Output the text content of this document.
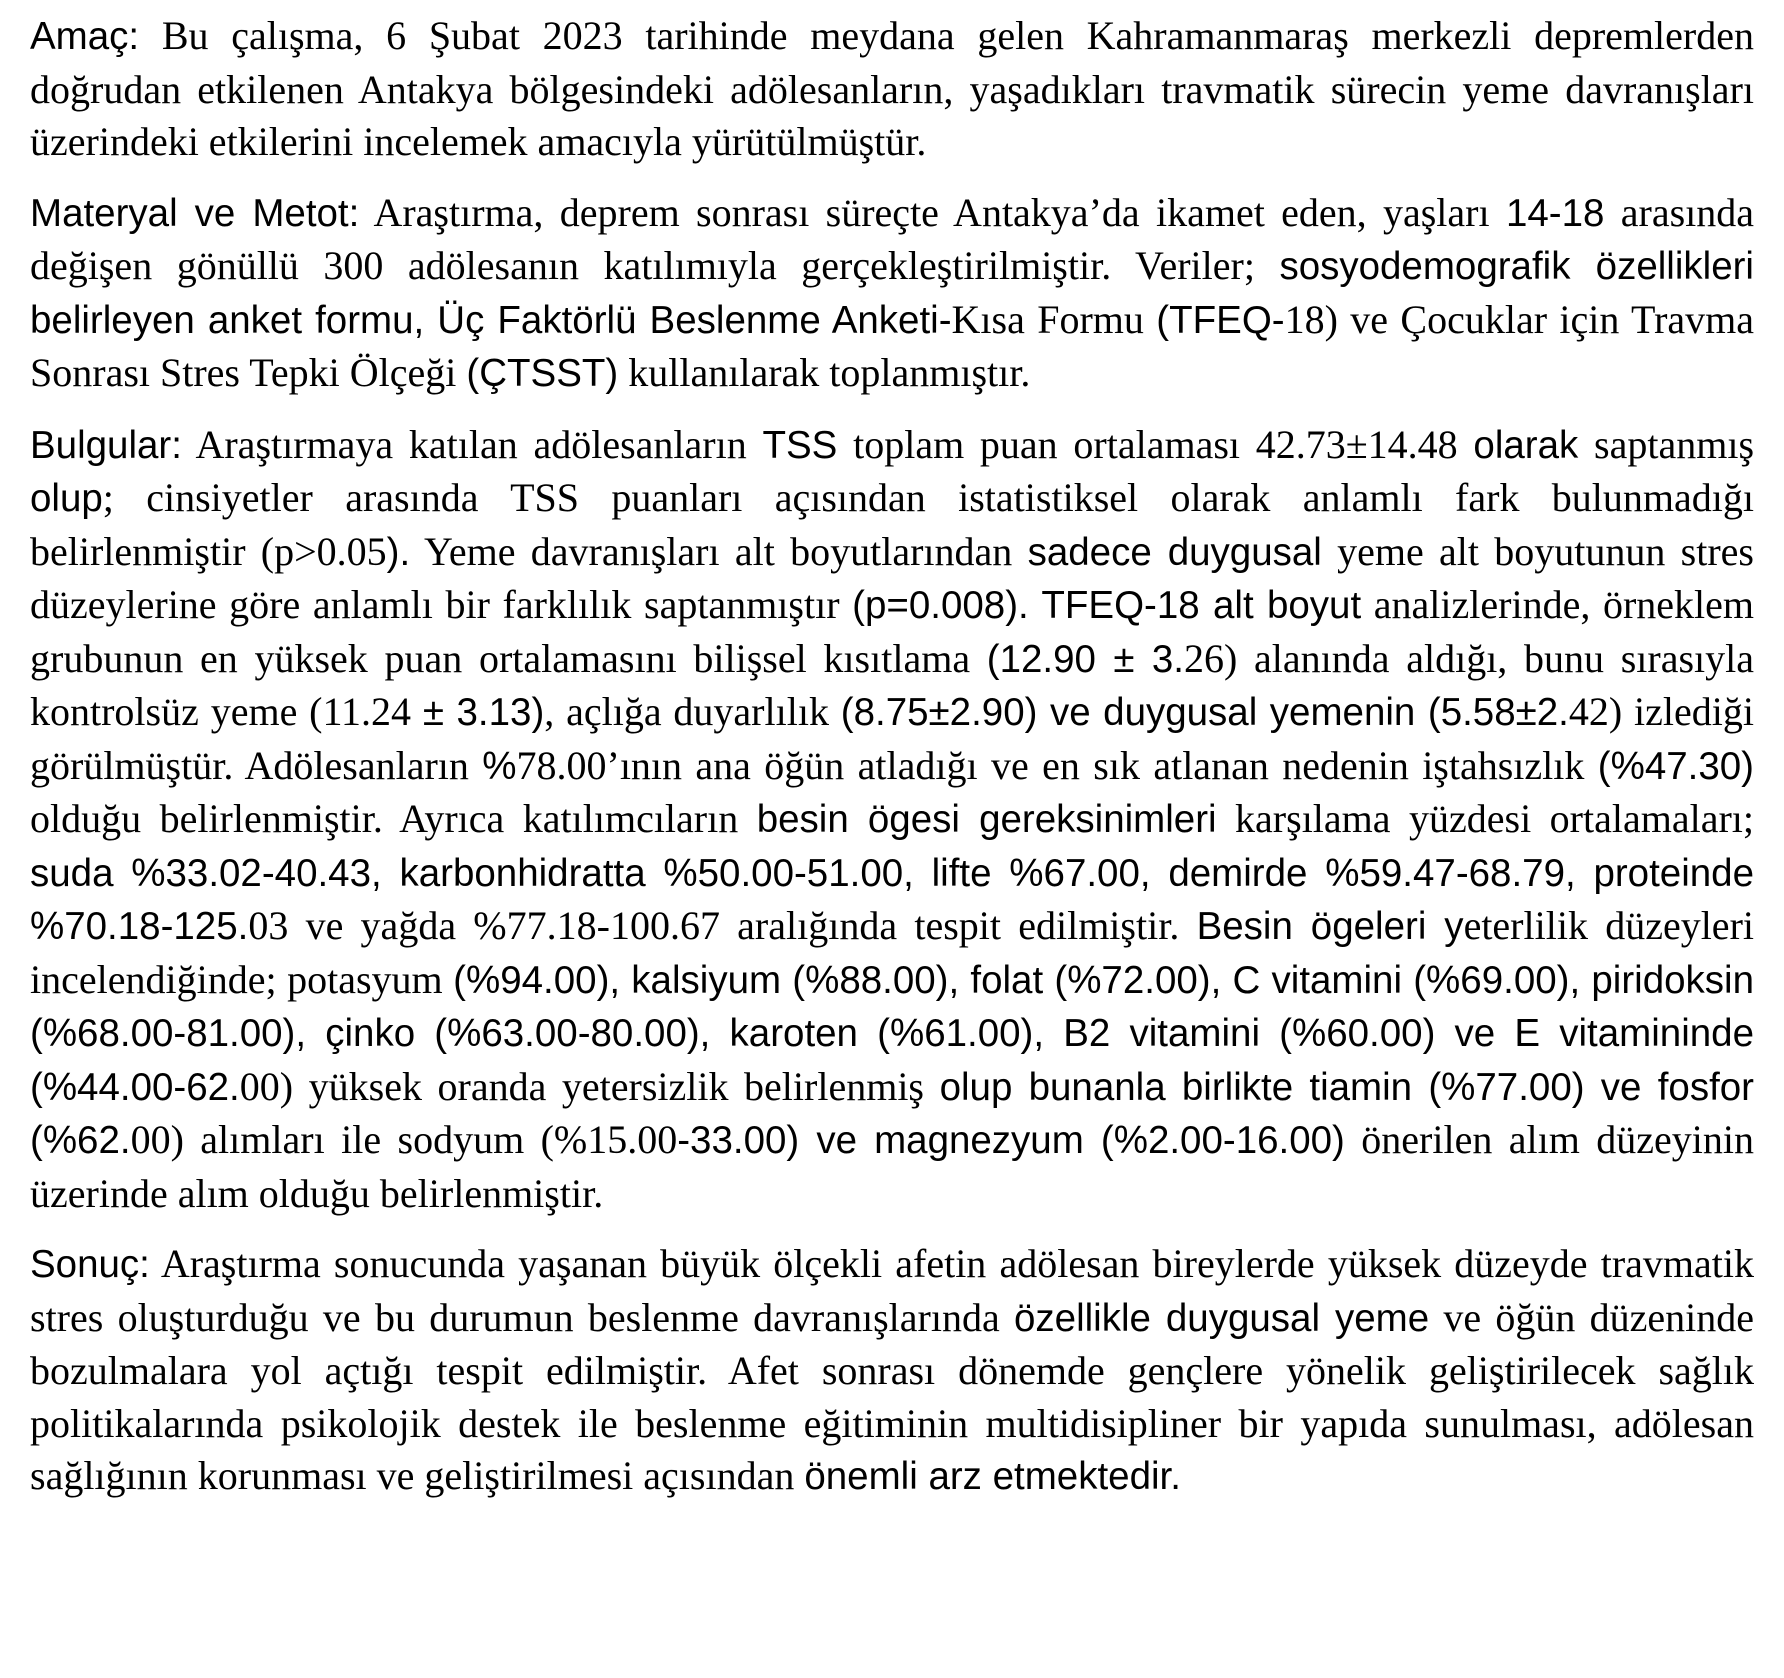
Amaç: Bu çalışma, 6 Şubat 2023 tarihinde meydana gelen Kahramanmaraş merkezli depremlerden doğrudan etkilenen Antakya bölgesindeki adölesanların, yaşadıkları travmatik sürecin yeme davranışları üzerindeki etkilerini incelemek amacıyla yürütülmüştür.

Materyal ve Metot: Araştırma, deprem sonrası süreçte Antakya’da ikamet eden, yaşları 14-18 arasında değişen gönüllü 300 adölesanın katılımıyla gerçekleştirilmiştir. Veriler; sosyodemografik özellikleri belirleyen anket formu, Üç Faktörlü Beslenme Anketi-Kısa Formu (TFEQ-18) ve Çocuklar için Travma Sonrası Stres Tepki Ölçeği (ÇTSST) kullanılarak toplanmıştır.

Bulgular: Araştırmaya katılan adölesanların TSS toplam puan ortalaması 42.73±14.48 olarak saptanmış olup; cinsiyetler arasında TSS puanları açısından istatistiksel olarak anlamlı fark bulunmadığı belirlenmiştir (p>0.05). Yeme davranışları alt boyutlarından sadece duygusal yeme alt boyutunun stres düzeylerine göre anlamlı bir farklılık saptanmıştır (p=0.008). TFEQ-18 alt boyut analizlerinde, örneklem grubunun en yüksek puan ortalamasını bilişsel kısıtlama (12.90 ± 3.26) alanında aldığı, bunu sırasıyla kontrolsüz yeme (11.24 ± 3.13), açlığa duyarlılık (8.75±2.90) ve duygusal yemenin (5.58±2.42) izlediği görülmüştür. Adölesanların %78.00’ının ana öğün atladığı ve en sık atlanan nedenin iştahsızlık (%47.30) olduğu belirlenmiştir. Ayrıca katılımcıların besin ögesi gereksinimleri karşılama yüzdesi ortalamaları; suda %33.02-40.43, karbonhidratta %50.00-51.00, lifte %67.00, demirde %59.47-68.79, proteinde %70.18-125.03 ve yağda %77.18-100.67 aralığında tespit edilmiştir. Besin ögeleri yeterlilik düzeyleri incelendiğinde; potasyum (%94.00), kalsiyum (%88.00), folat (%72.00), C vitamini (%69.00), piridoksin (%68.00-81.00), çinko (%63.00-80.00), karoten (%61.00), B2 vitamini (%60.00) ve E vitamininde (%44.00-62.00) yüksek oranda yetersizlik belirlenmiş olup bunanla birlikte tiamin (%77.00) ve fosfor (%62.00) alımları ile sodyum (%15.00-33.00) ve magnezyum (%2.00-16.00) önerilen alım düzeyinin üzerinde alım olduğu belirlenmiştir.

Sonuç: Araştırma sonucunda yaşanan büyük ölçekli afetin adölesan bireylerde yüksek düzeyde travmatik stres oluşturduğu ve bu durumun beslenme davranışlarında özellikle duygusal yeme ve öğün düzeninde bozulmalara yol açtığı tespit edilmiştir. Afet sonrası dönemde gençlere yönelik geliştirilecek sağlık politikalarında psikolojik destek ile beslenme eğitiminin multidisipliner bir yapıda sunulması, adölesan sağlığının korunması ve geliştirilmesi açısından önemli arz etmektedir.
